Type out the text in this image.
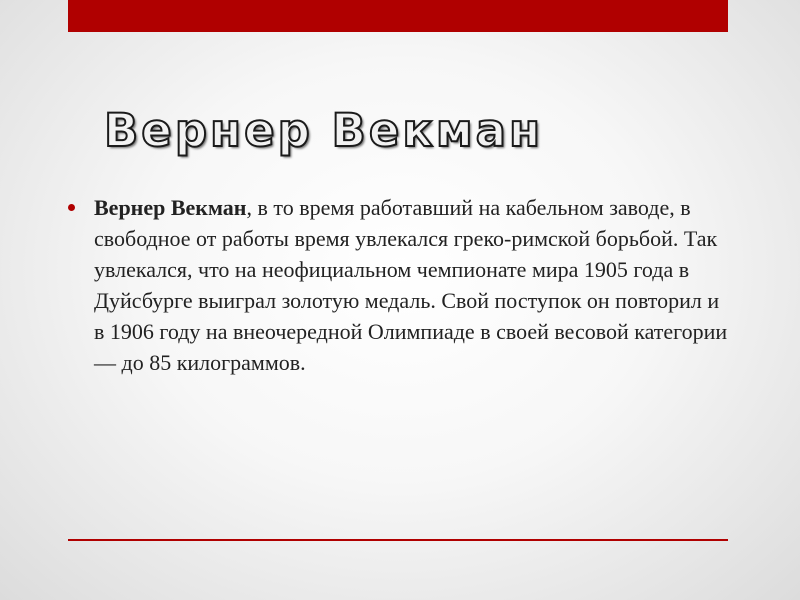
Вернер Векман
Вернер Векман, в то время работавший на кабельном заводе, в свободное от работы время увлекался греко-римской борьбой. Так увлекался, что на неофициальном чемпионате мира 1905 года в Дуйсбурге выиграл золотую медаль. Свой поступок он повторил и в 1906 году на внеочередной Олимпиаде в своей весовой категории — до 85 килограммов.
